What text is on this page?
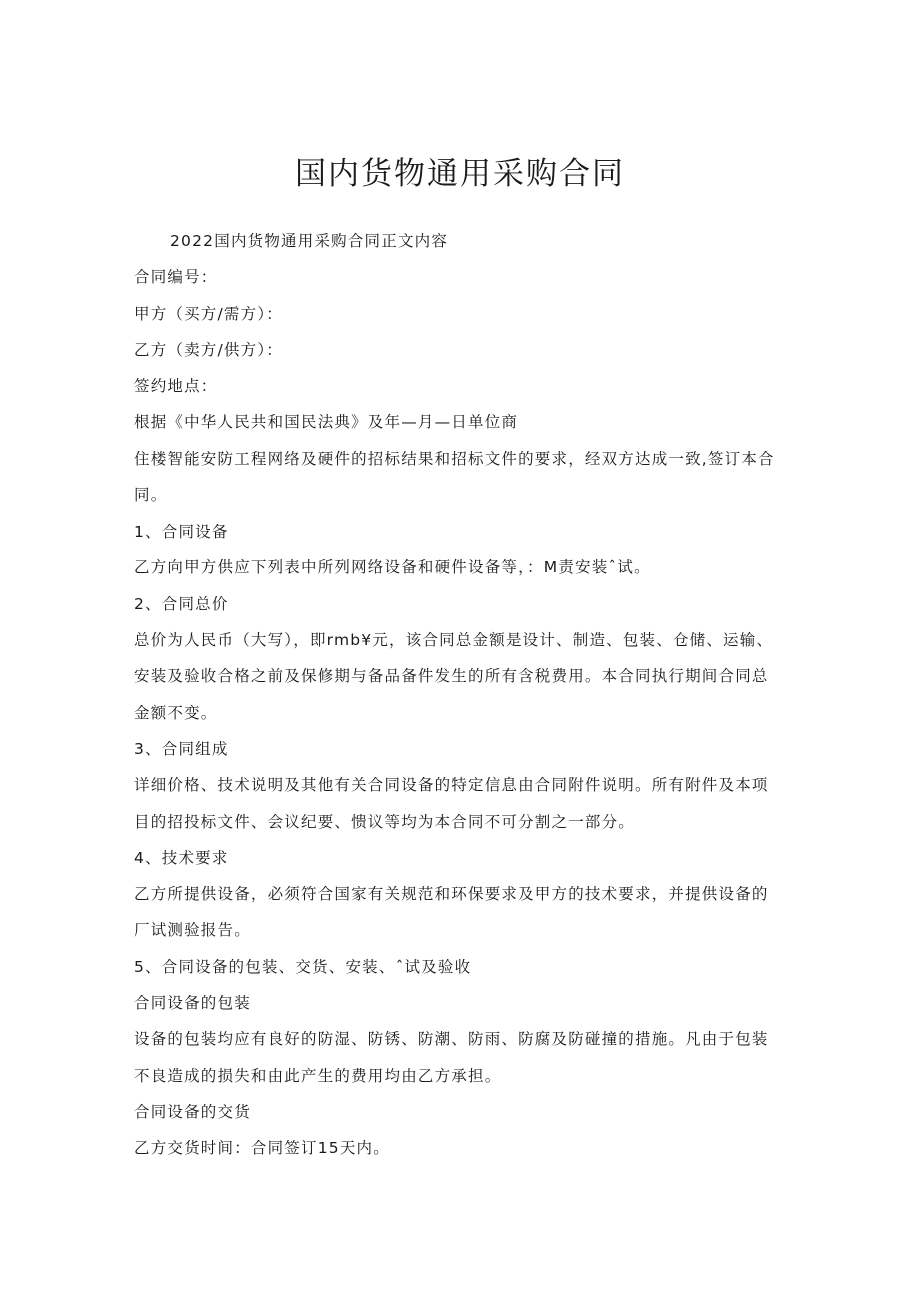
国内货物通用采购合同

2022国内货物通用采购合同正文内容

合同编号：

甲方（买方/需方）：

乙方（卖方/供方）：

签约地点：

根据《中华人民共和国民法典》及年—月—日单位商

住楼智能安防工程网络及硬件的招标结果和招标文件的要求，经双方达成一致,签订本合

同。

1、合同设备

乙方向甲方供应下列表中所列网络设备和硬件设备等，：M责安装ˆ试。

2、合同总价

总价为人民币（大写），即rmb¥元，该合同总金额是设计、制造、包装、仓储、运输、

安装及验收合格之前及保修期与备品备件发生的所有含税费用。本合同执行期间合同总

金额不变。

3、合同组成

详细价格、技术说明及其他有关合同设备的特定信息由合同附件说明。所有附件及本项

目的招投标文件、会议纪要、愦议等均为本合同不可分割之一部分。

4、技术要求

乙方所提供设备，必须符合国家有关规范和环保要求及甲方的技术要求，并提供设备的

厂试测验报告。

5、合同设备的包装、交货、安装、ˆ试及验收

合同设备的包装

设备的包装均应有良好的防湿、防锈、防潮、防雨、防腐及防碰撞的措施。凡由于包装

不良造成的损失和由此产生的费用均由乙方承担。

合同设备的交货

乙方交货时间：合同签订15天内。
